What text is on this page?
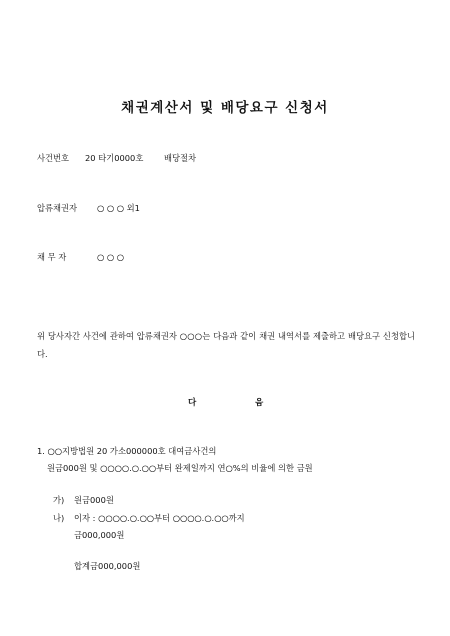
채권계산서 및 배당요구 신청서
사건번호 20 타기0000호 배당절차
압류채권자 ○ ○ ○ 외1
채 무 자	○ ○ ○
위 당사자간 사건에 관하여 압류채권자 ○○○는 다음과 같이 채권 내역서를 제출하고 배당요구 신청합니다.
다	음
1. ○○지방법원 20 가소000000호 대여금사건의
원금000원 및 ○○○○.○.○○부터 완제일까지 연○%의 비율에 의한 금원
가) 원금000원
나) 이자 : ○○○○.○.○○부터 ○○○○.○.○○까지
금000,000원
합계금000,000원
